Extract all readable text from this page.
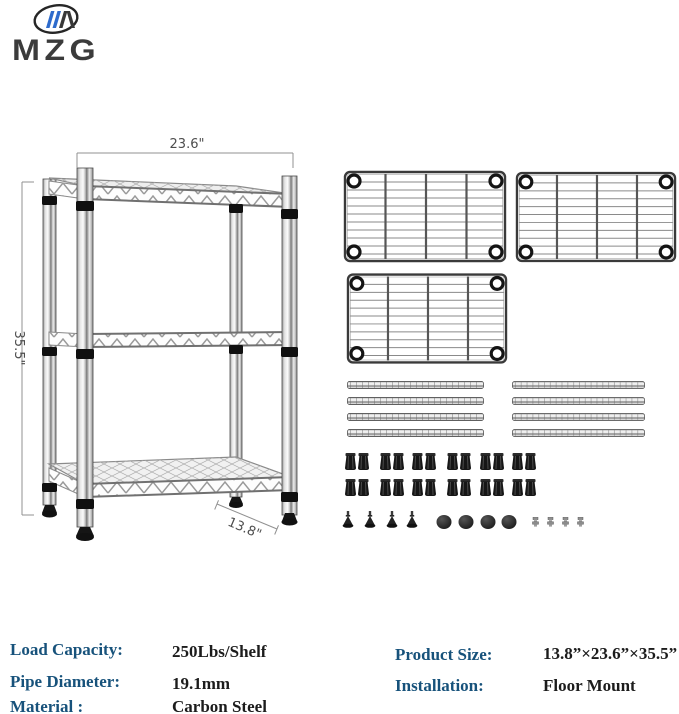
MZG
23.6"
35.5"
13.8"
Load Capacity:	250Lbs/Shelf
Pipe Diameter:	19.1mm
Material :	Carbon Steel
Product Size:	13.8”×23.6”×35.5”
Installation:	Floor Mount
